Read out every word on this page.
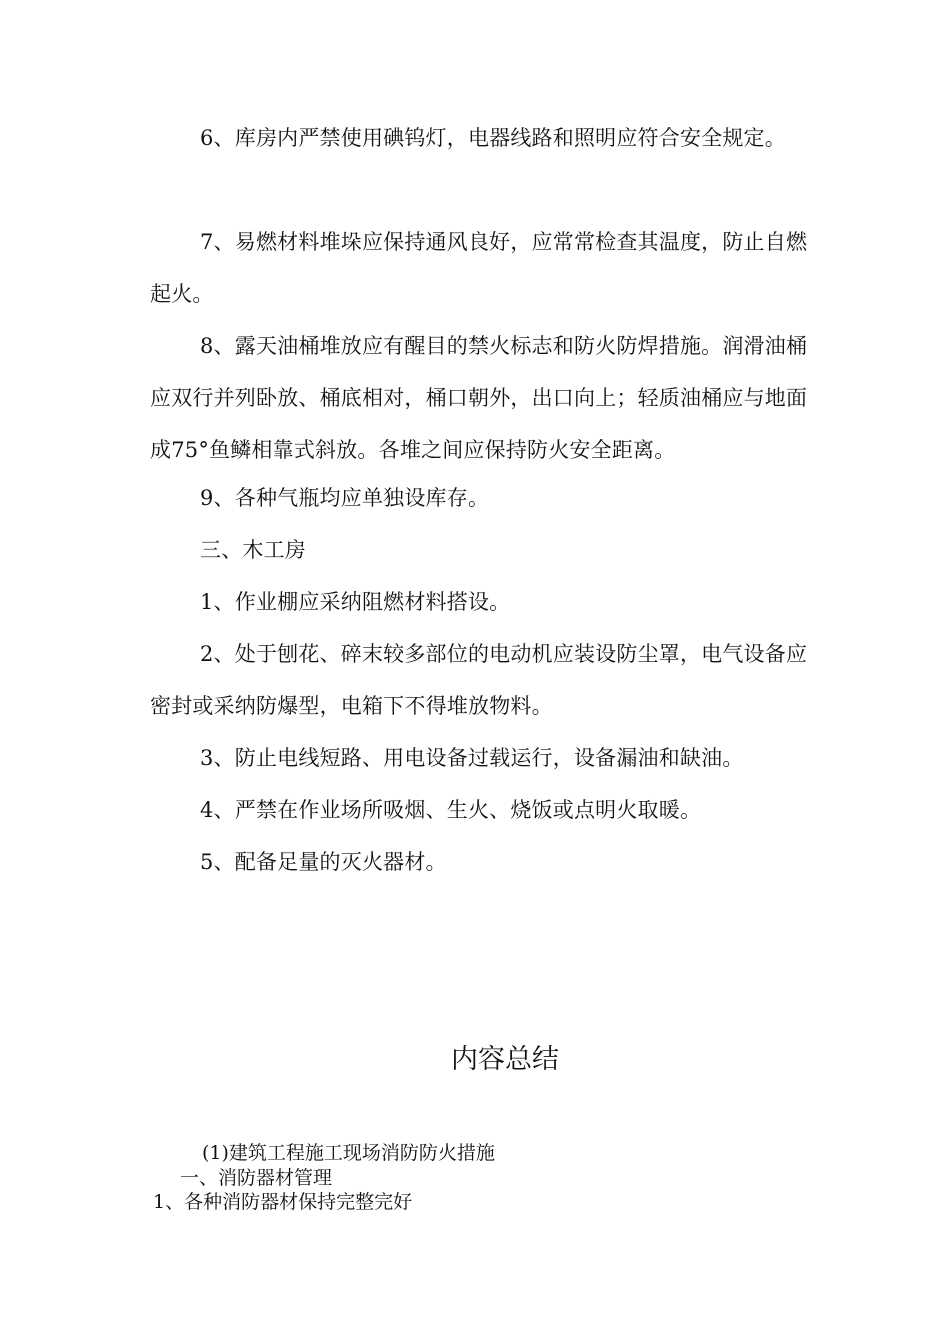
6、库房内严禁使用碘钨灯，电器线路和照明应符合安全规定。

7、易燃材料堆垛应保持通风良好，应常常检查其温度，防止自燃起火。

8、露天油桶堆放应有醒目的禁火标志和防火防焊措施。润滑油桶应双行并列卧放、桶底相对，桶口朝外，出口向上；轻质油桶应与地面成75°鱼鳞相靠式斜放。各堆之间应保持防火安全距离。

9、各种气瓶均应单独设库存。

三、木工房

1、作业棚应采纳阻燃材料搭设。

2、处于刨花、碎末较多部位的电动机应装设防尘罩，电气设备应密封或采纳防爆型，电箱下不得堆放物料。

3、防止电线短路、用电设备过载运行，设备漏油和缺油。

4、严禁在作业场所吸烟、生火、烧饭或点明火取暖。

5、配备足量的灭火器材。

内容总结

(1)建筑工程施工现场消防防火措施

一、消防器材管理

1、各种消防器材保持完整完好
